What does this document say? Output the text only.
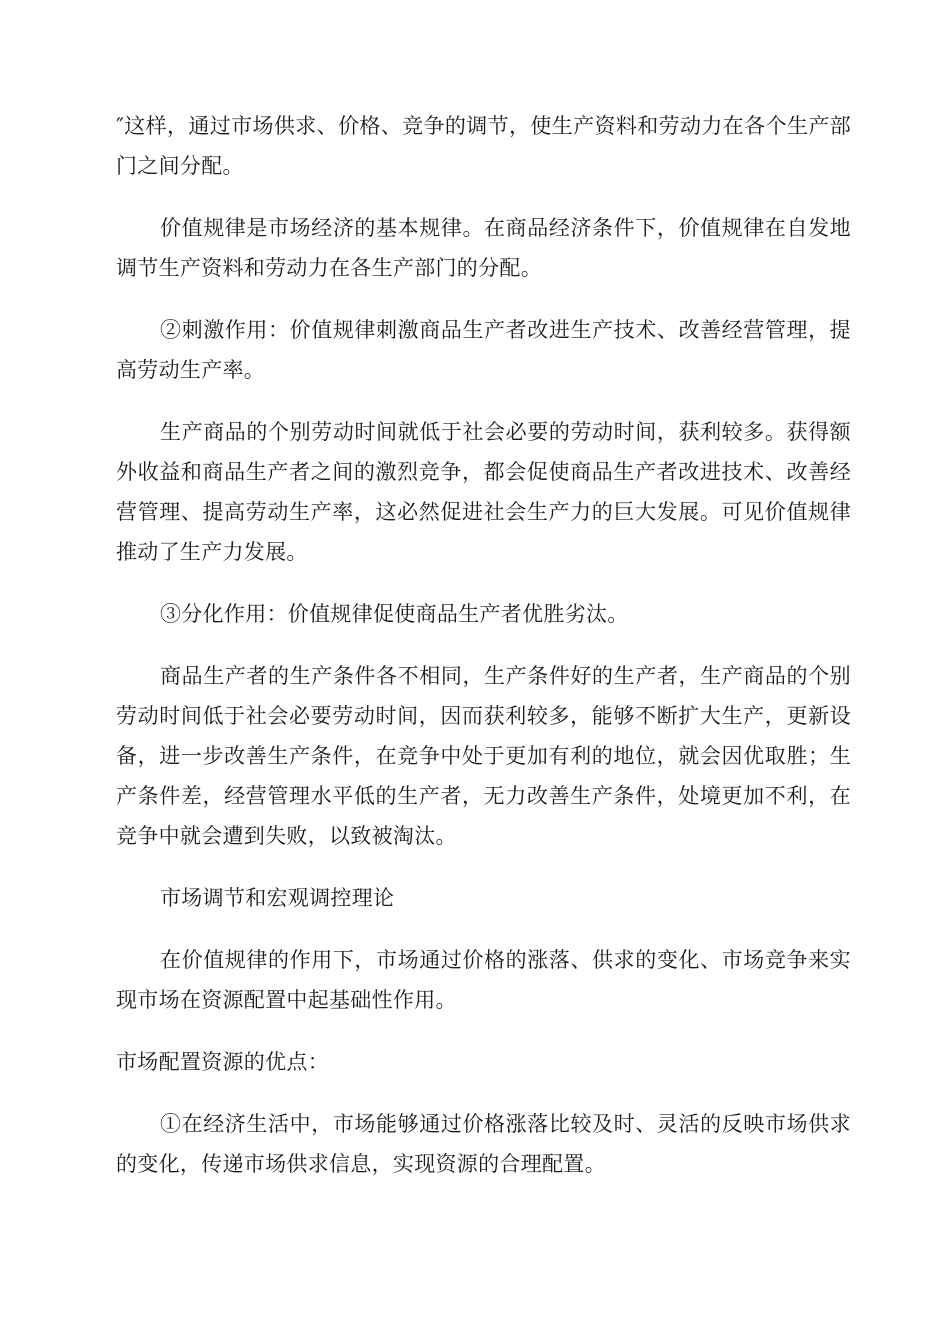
″这样，通过市场供求、价格、竞争的调节，使生产资料和劳动力在各个生产部门之间分配。

价值规律是市场经济的基本规律。在商品经济条件下，价值规律在自发地调节生产资料和劳动力在各生产部门的分配。

②刺激作用：价值规律刺激商品生产者改进生产技术、改善经营管理，提高劳动生产率。

生产商品的个别劳动时间就低于社会必要的劳动时间，获利较多。获得额外收益和商品生产者之间的激烈竞争，都会促使商品生产者改进技术、改善经营管理、提高劳动生产率，这必然促进社会生产力的巨大发展。可见价值规律推动了生产力发展。

③分化作用：价值规律促使商品生产者优胜劣汰。

商品生产者的生产条件各不相同，生产条件好的生产者，生产商品的个别劳动时间低于社会必要劳动时间，因而获利较多，能够不断扩大生产，更新设备，进一步改善生产条件，在竞争中处于更加有利的地位，就会因优取胜；生产条件差，经营管理水平低的生产者，无力改善生产条件，处境更加不利，在竞争中就会遭到失败，以致被淘汰。

市场调节和宏观调控理论

在价值规律的作用下，市场通过价格的涨落、供求的变化、市场竞争来实现市场在资源配置中起基础性作用。

市场配置资源的优点：

①在经济生活中，市场能够通过价格涨落比较及时、灵活的反映市场供求的变化，传递市场供求信息，实现资源的合理配置。
